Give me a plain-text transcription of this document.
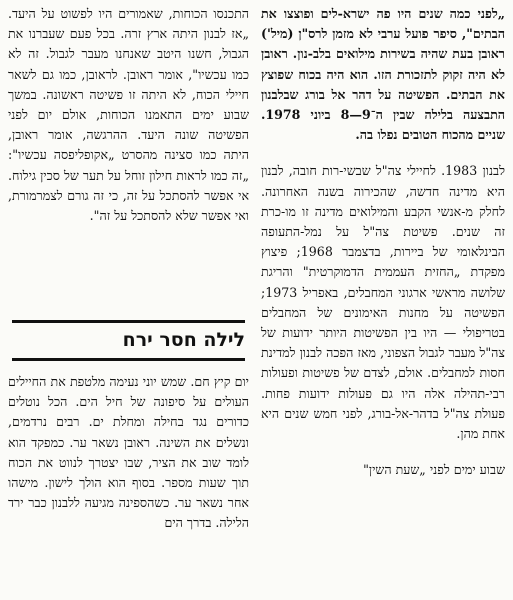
„לפני כמה שנים היו פה ישרא-לים ופוצצו את הבתים", סיפר פועל ערבי לא מזמן לרס"ן (מיל') ראובן בעת שהיה בשירות מילואים בלב-נון. ראובן לא היה זקוק לתזכורת הזו. הוא היה בכוח שפוצץ את הבתים. הפשיטה על דהר אל בורג שבלבנון התבצעה בלילה שבין ה־9—8 ביוני 1978. שניים מהכוח הטובים נפלו בה.

לבנון 1983. לחיילי צה"ל שבשי-רות חובה, לבנון היא מדינה חדשה, שהכירוה בשנה האחרונה. לחלק מ-אנשי הקבע והמילואים מדינה זו מו-כרת זה שנים. פשיטת צה"ל על נמל-התעופה הבינלאומי של ביירות, בדצמבר 1968; פיצוץ מפקדת „החזית העממית הדמוקרטית" והריגת שלושה מראשי ארגוני המחבלים, באפריל 1973; הפשיטה על מחנות האימונים של המחבלים בטריפולי — היו בין הפשיטות היותר ידועות של צה"ל מעבר לגבול הצפוני, מאז הפכה לבנון למדינת חסות למחבלים. אולם, לצדם של פשיטות ופעולות רבי-תהילה אלה היו גם פעולות ידועות פחות. פעולת צה"ל בדהר-אל-בורג, לפני חמש שנים היא אחת מהן.

שבוע ימים לפני „שעת השין"

התכנסו הכוחות, שאמורים היו לפשוט על היעד. „אז לבנון היתה ארץ זרה. בכל פעם שעברנו את הגבול, חשנו היטב שאנחנו מעבר לגבול. זה לא כמו עכשיו", אומר ראובן. לראובן, כמו גם לשאר חיילי הכוח, לא היתה זו פשיטה ראשונה. במשך שבוע ימים התאמנו הכוחות, אולם יום לפני הפשיטה שונה היעד. ההרגשה, אומר ראובן, היתה כמו סצינה מהסרט „אקופליפסה עכשיו": „זה כמו לראות חילון זוחל על תער של סכין גילוח. אי אפשר להסתכל על זה, כי זה גורם לצמרמורת, ואי אפשר שלא להסתכל על זה".

לילה חסר ירח

יום קיץ חם. שמש יוני נעימה מלטפת את החיילים העולים על סיפונה של חיל הים. הכל נוטלים כדורים נגד בחילה ומחלת ים. רבים נרדמים, ונשלים את השינה. ראובן נשאר ער. כמפקד הוא לומד שוב את הציר, שבו יצטרך לנווט את הכוח תוך שעות מספר. בסוף הוא הולך לישון. מישהו אחר נשאר ער. כשהספינה מגיעה ללבנון כבר ירד הלילה. בדרך הים
